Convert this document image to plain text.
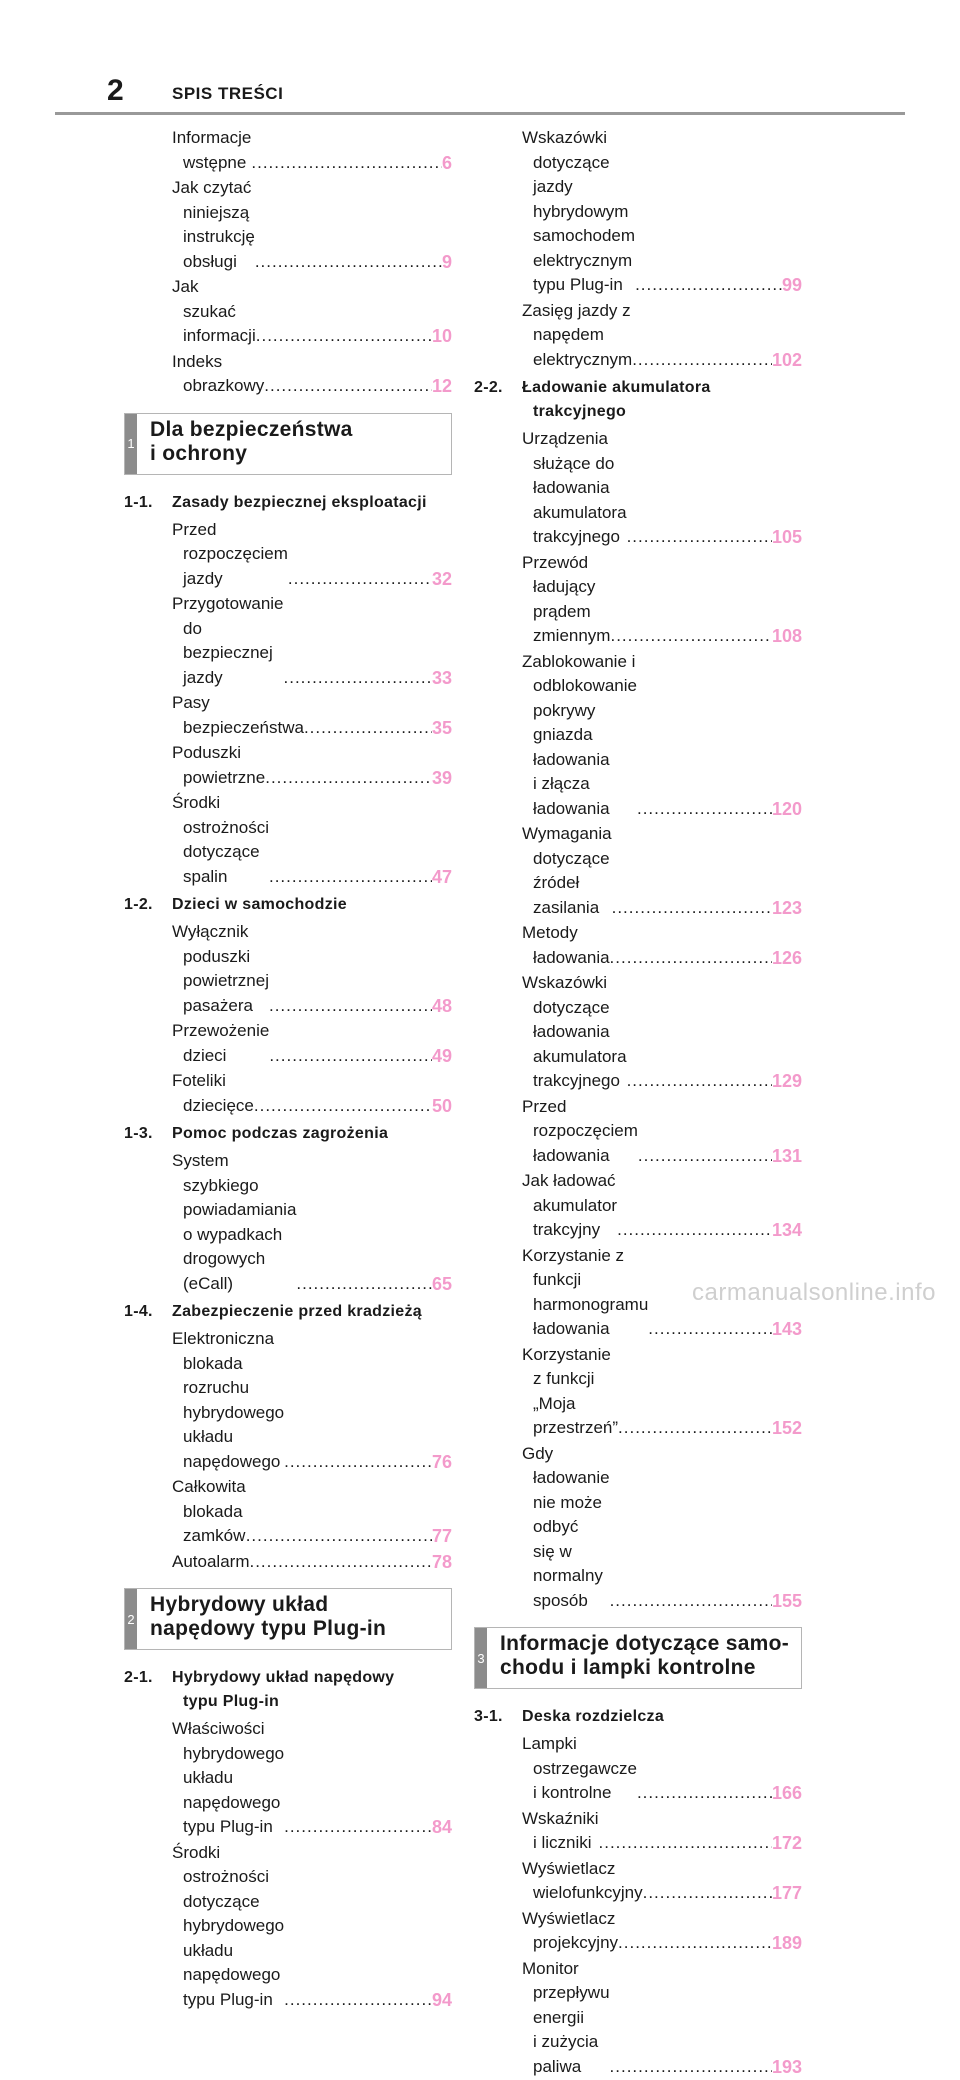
2	SPIS TREŚCI
Informacje wstępne .....	6
Jak czytać niniejszą instrukcję
obsługi .....	9
Jak szukać informacji .....	10
Indeks obrazkowy .....	12
1
Dla bezpieczeństwa
i ochrony
1-1.	Zasady bezpiecznej eksploatacji
Przed rozpoczęciem jazdy .....	32
Przygotowanie do bezpiecznej
jazdy .....	33
Pasy bezpieczeństwa .....	35
Poduszki powietrzne .....	39
Środki ostrożności dotyczące
spalin .....	47
1-2.	Dzieci w samochodzie
Wyłącznik poduszki powietrznej
pasażera .....	48
Przewożenie dzieci .....	49
Foteliki dziecięce .....	50
1-3.	Pomoc podczas zagrożenia
System szybkiego powiadamiania
o wypadkach drogowych
(eCall) .....	65
1-4.	Zabezpieczenie przed kradzieżą
Elektroniczna blokada
rozruchu hybrydowego
układu napędowego .....	76
Całkowita blokada zamków .....	77
Autoalarm .....	78
2
Hybrydowy układ
napędowy typu Plug-in
2-1.	Hybrydowy układ napędowy
typu Plug-in
Właściwości hybrydowego układu
napędowego typu Plug-in .....	84
Środki ostrożności dotyczące
hybrydowego układu
napędowego typu Plug-in .....	94
Wskazówki dotyczące jazdy
hybrydowym samochodem
elektrycznym typu Plug-in .....	99
Zasięg jazdy z napędem
elektrycznym .....	102
2-2.	Ładowanie akumulatora
trakcyjnego
Urządzenia służące do ładowania
akumulatora trakcyjnego .....	105
Przewód ładujący prądem
zmiennym .....	108
Zablokowanie i odblokowanie
pokrywy gniazda ładowania
i złącza ładowania .....	120
Wymagania dotyczące
źródeł zasilania .....	123
Metody ładowania .....	126
Wskazówki dotyczące ładowania
akumulatora trakcyjnego .....	129
Przed rozpoczęciem
ładowania .....	131
Jak ładować akumulator
trakcyjny .....	134
Korzystanie z funkcji
harmonogramu ładowania .....	143
Korzystanie z funkcji
„Moja przestrzeń” .....	152
Gdy ładowanie nie może odbyć
się w normalny sposób .....	155
3
Informacje dotyczące samo-
chodu i lampki kontrolne
3-1.	Deska rozdzielcza
Lampki ostrzegawcze
i kontrolne .....	166
Wskaźniki i liczniki .....	172
Wyświetlacz wielofunkcyjny .....	177
Wyświetlacz projekcyjny .....	189
Monitor przepływu energii
i zużycia paliwa .....	193
carmanualsonline.info
